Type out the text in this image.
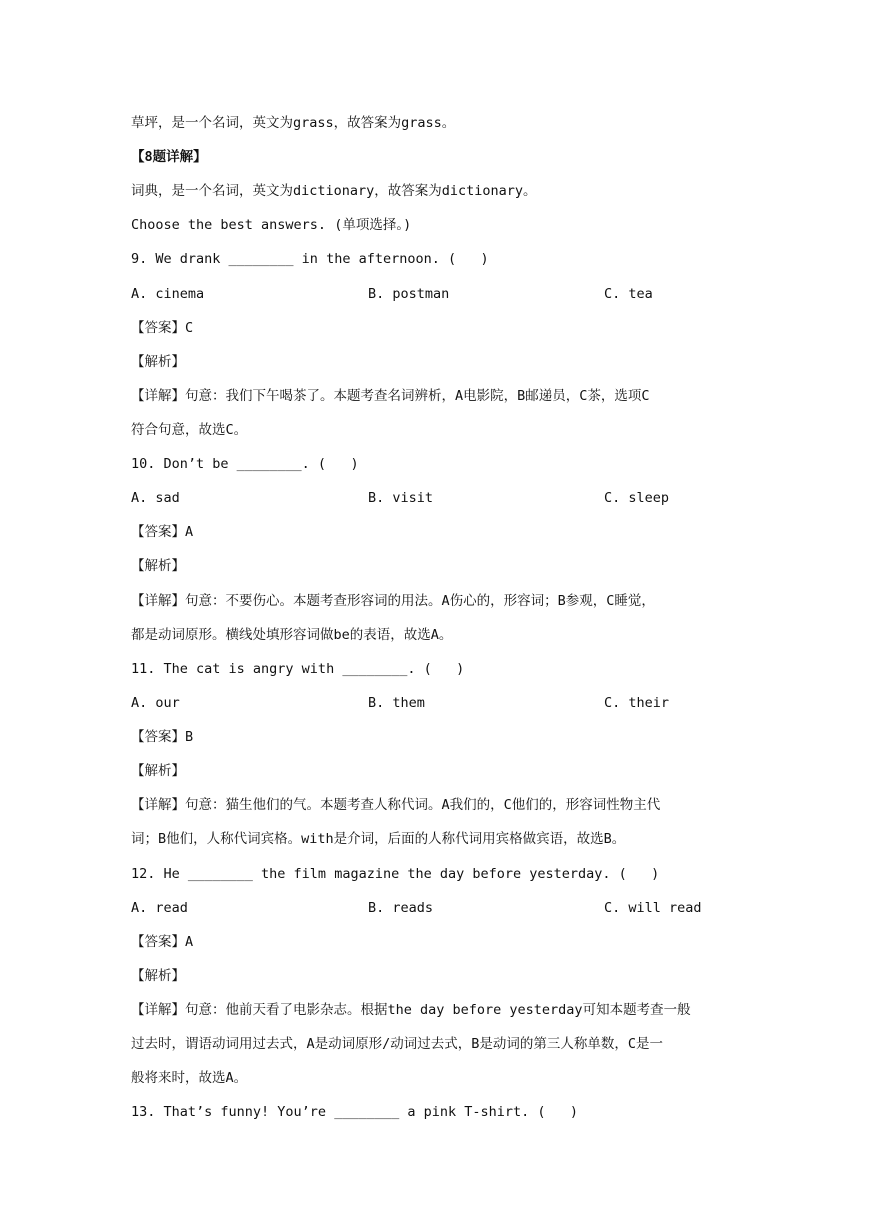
草坪，是一个名词，英文为grass，故答案为grass。
【8题详解】
词典，是一个名词，英文为dictionary，故答案为dictionary。
Choose the best answers. (单项选择。)
9. We drank ________ in the afternoon. (   )
A. cinema	B. postman	C. tea
【答案】C
【解析】
【详解】句意：我们下午喝茶了。本题考查名词辨析，A电影院，B邮递员，C茶，选项C
符合句意，故选C。
10. Don’t be ________. (   )
A. sad	B. visit	C. sleep
【答案】A
【解析】
【详解】句意：不要伤心。本题考查形容词的用法。A伤心的，形容词；B参观，C睡觉，
都是动词原形。横线处填形容词做be的表语，故选A。
11. The cat is angry with ________. (   )
A. our	B. them	C. their
【答案】B
【解析】
【详解】句意：猫生他们的气。本题考查人称代词。A我们的，C他们的，形容词性物主代
词；B他们，人称代词宾格。with是介词，后面的人称代词用宾格做宾语，故选B。
12. He ________ the film magazine the day before yesterday. (   )
A. read	B. reads	C. will read
【答案】A
【解析】
【详解】句意：他前天看了电影杂志。根据the day before yesterday可知本题考查一般
过去时，谓语动词用过去式，A是动词原形/动词过去式，B是动词的第三人称单数，C是一
般将来时，故选A。
13. That’s funny! You’re ________ a pink T-shirt. (   )
